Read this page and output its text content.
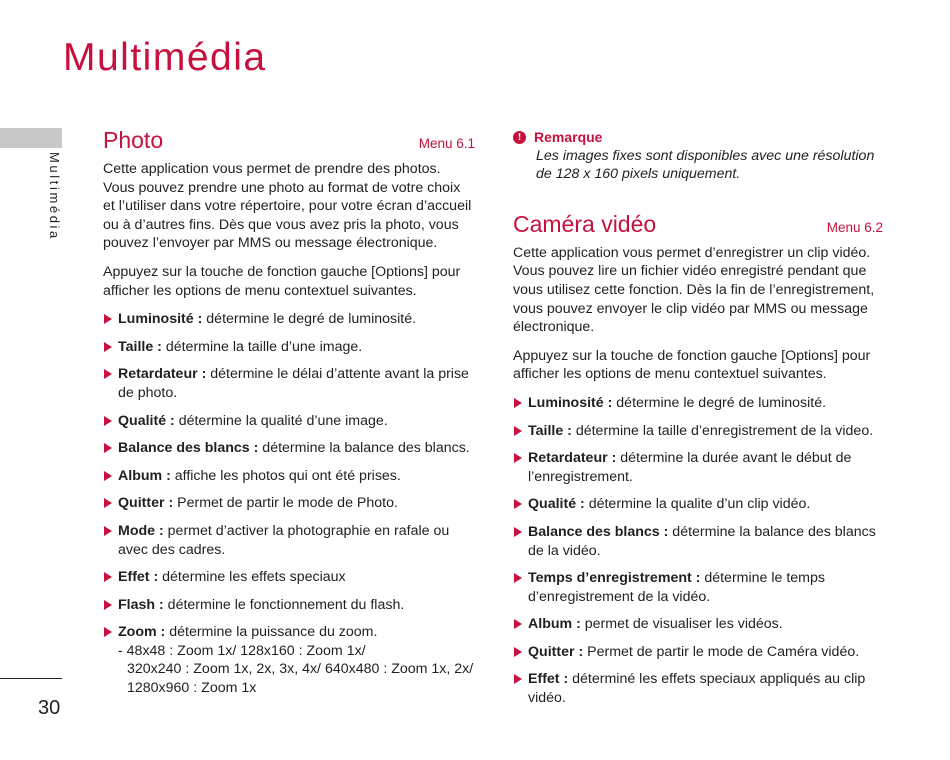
Multimédia
Multimédia
30
Photo	Menu 6.1

Cette application vous permet de prendre des photos. Vous pouvez prendre une photo au format de votre choix et l’utiliser dans votre répertoire, pour votre écran d’accueil ou à d’autres fins. Dès que vous avez pris la photo, vous pouvez l’envoyer par MMS ou message électronique.

Appuyez sur la touche de fonction gauche [Options] pour afficher les options de menu contextuel suivantes.

Luminosité : détermine le degré de luminosité.
Taille : détermine la taille d’une image.
Retardateur : détermine le délai d’attente avant la prise de photo.
Qualité : détermine la qualité d’une image.
Balance des blancs : détermine la balance des blancs.
Album : affiche les photos qui ont été prises.
Quitter : Permet de partir le mode de Photo.
Mode : permet d’activer la photographie en rafale ou avec des cadres.
Effet : détermine les effets speciaux
Flash : détermine le fonctionnement du flash.
Zoom : détermine la puissance du zoom.
- 48x48 : Zoom 1x/ 128x160 : Zoom 1x/
320x240 : Zoom 1x, 2x, 3x, 4x/ 640x480 : Zoom 1x, 2x/
1280x960 : Zoom 1x
! Remarque
Les images fixes sont disponibles avec une résolution de 128 x 160 pixels uniquement.
Caméra vidéo	Menu 6.2

Cette application vous permet d’enregistrer un clip vidéo. Vous pouvez lire un fichier vidéo enregistré pendant que vous utilisez cette fonction. Dès la fin de l’enregistrement, vous pouvez envoyer le clip vidéo par MMS ou message électronique.

Appuyez sur la touche de fonction gauche [Options] pour afficher les options de menu contextuel suivantes.

Luminosité : détermine le degré de luminosité.
Taille : détermine la taille d’enregistrement de la video.
Retardateur : détermine la durée avant le début de l’enregistrement.
Qualité : détermine la qualite d’un clip vidéo.
Balance des blancs : détermine la balance des blancs de la vidéo.
Temps d’enregistrement : détermine le temps d’enregistrement de la vidéo.
Album : permet de visualiser les vidéos.
Quitter : Permet de partir le mode de Caméra vidéo.
Effet : déterminé les effets speciaux appliqués au clip vidéo.
